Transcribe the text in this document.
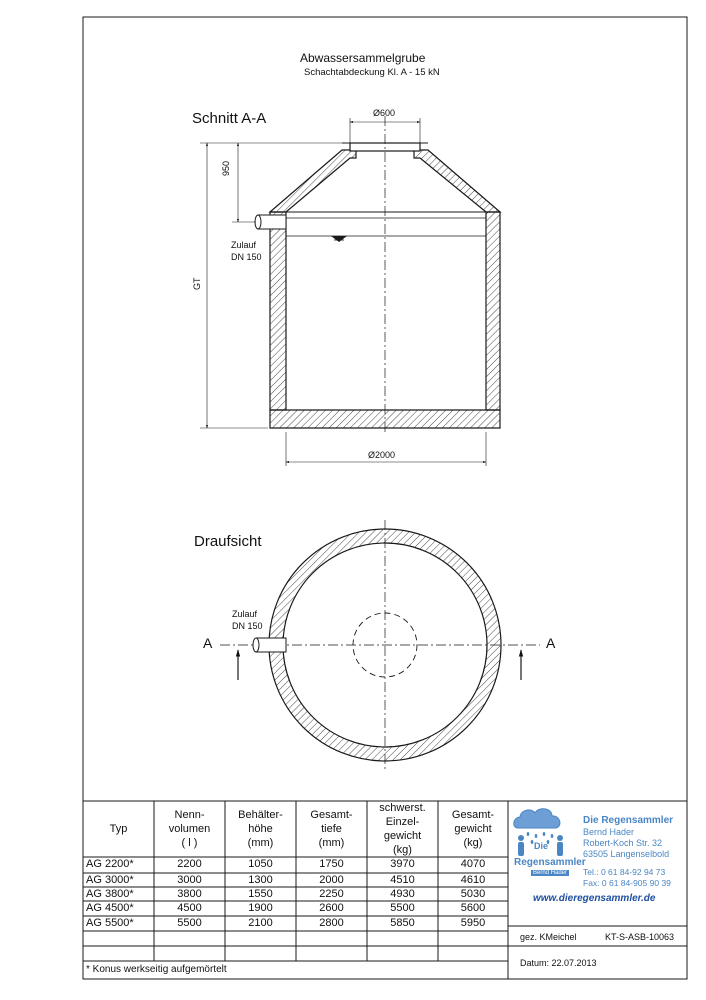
Abwassersammelgrube
Schachtabdeckung Kl. A - 15 kN
Schnitt A-A	Ø600
950
GT
Zulauf
DN 150
Ø2000
Draufsicht
Zulauf
DN 150
A	A
Typ
Nenn-
volumen
( l )
Behälter-
höhe
(mm)
Gesamt-
tiefe
(mm)
schwerst.
Einzel-
gewicht
(kg)
Gesamt-
gewicht
(kg)
AG 2200*	2200	1050	1750	3970	4070
AG 3000*	3000	1300	2000	4510	4610
AG 3800*	3800	1550	2250	4930	5030
AG 4500*	4500	1900	2600	5500	5600
AG 5500*	5500	2100	2800	5850	5950
* Konus werkseitig aufgemörtelt
Die
Regensammler
Bernd Hader
Die Regensammler
Bernd Hader
Robert-Koch Str. 32
63505 Langenselbold
Tel.: 0 61 84-92 94 73
Fax: 0 61 84-905 90 39
www.dieregensammler.de
gez. KMeichel	KT-S-ASB-10063
Datum: 22.07.2013
